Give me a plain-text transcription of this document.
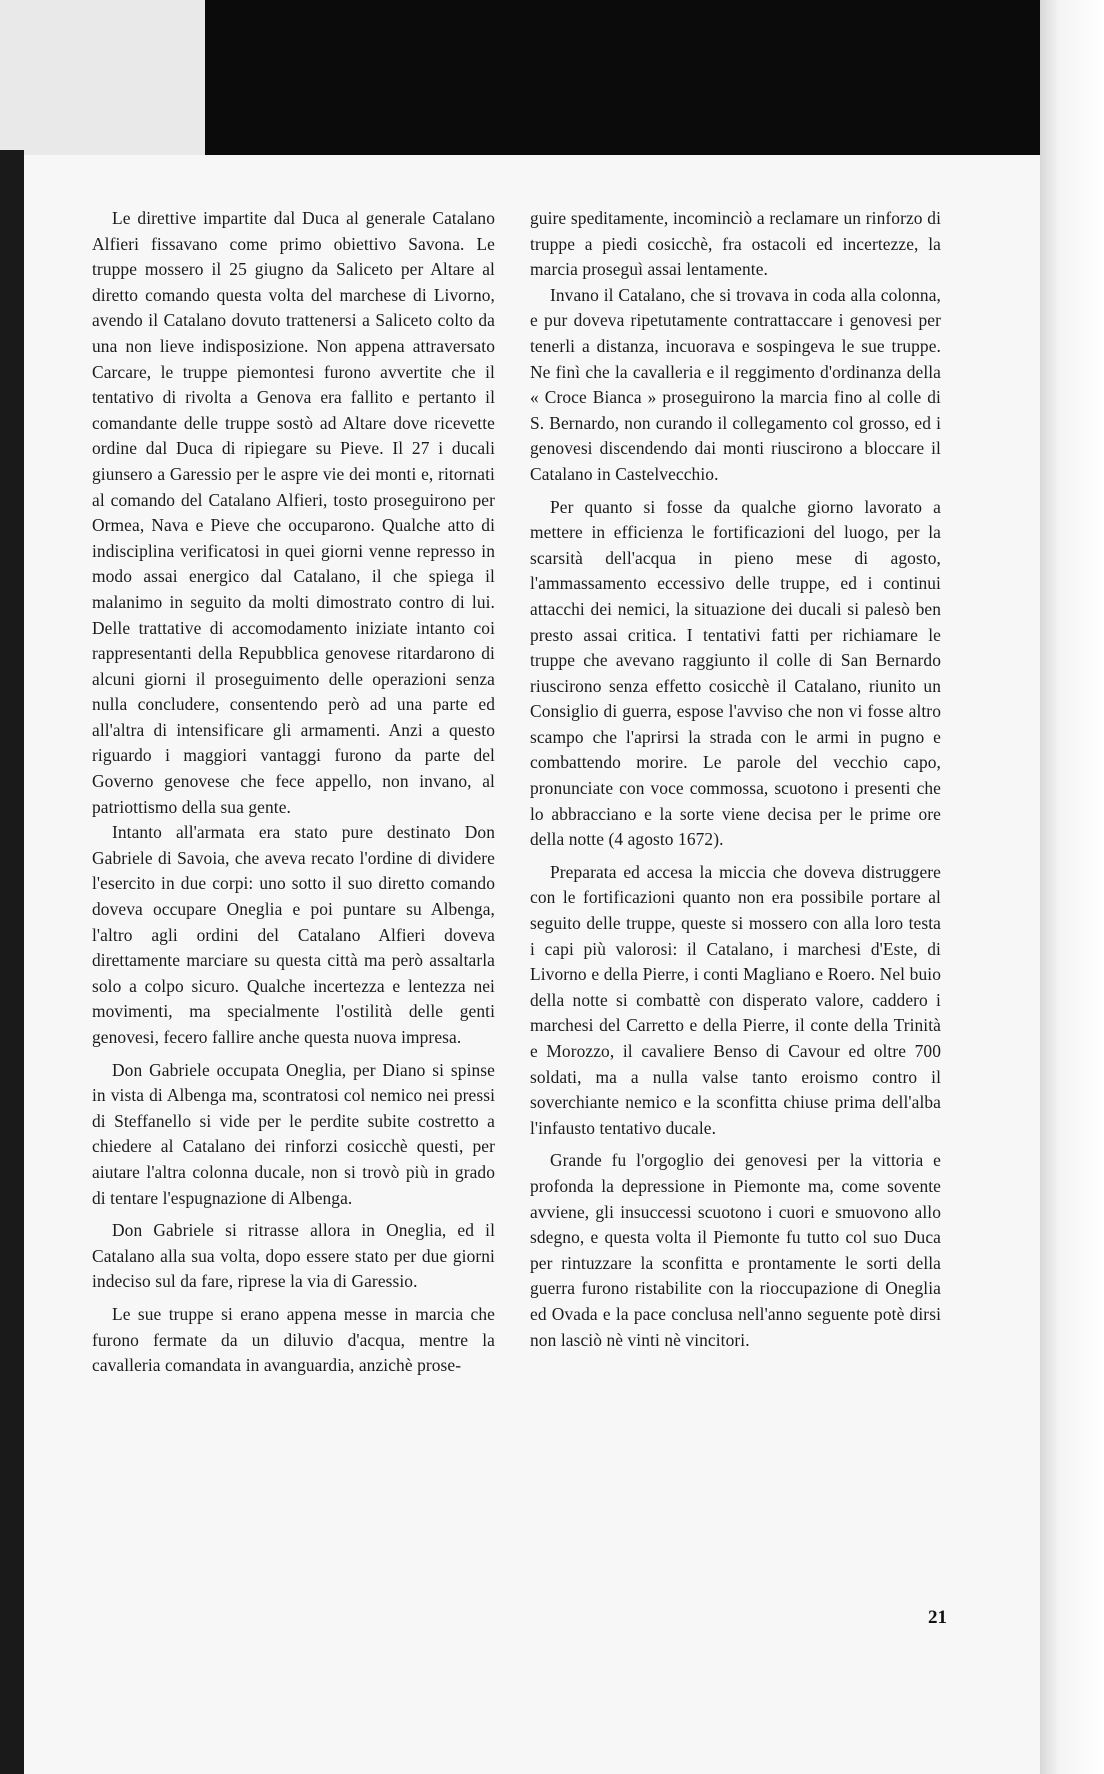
Le direttive impartite dal Duca al generale Catalano Alfieri fissavano come primo obiettivo Savona. Le truppe mossero il 25 giugno da Saliceto per Altare al diretto comando questa volta del marchese di Livorno, avendo il Catalano dovuto trattenersi a Saliceto colto da una non lieve indisposizione. Non appena attraversato Carcare, le truppe piemontesi furono avvertite che il tentativo di rivolta a Genova era fallito e pertanto il comandante delle truppe sostò ad Altare dove ricevette ordine dal Duca di ripiegare su Pieve. Il 27 i ducali giunsero a Garessio per le aspre vie dei monti e, ritornati al comando del Catalano Alfieri, tosto proseguirono per Ormea, Nava e Pieve che occuparono. Qualche atto di indisciplina verificatosi in quei giorni venne represso in modo assai energico dal Catalano, il che spiega il malanimo in seguito da molti dimostrato contro di lui. Delle trattative di accomodamento iniziate intanto coi rappresentanti della Repubblica genovese ritardarono di alcuni giorni il proseguimento delle operazioni senza nulla concludere, consentendo però ad una parte ed all'altra di intensificare gli armamenti. Anzi a questo riguardo i maggiori vantaggi furono da parte del Governo genovese che fece appello, non invano, al patriottismo della sua gente.

Intanto all'armata era stato pure destinato Don Gabriele di Savoia, che aveva recato l'ordine di dividere l'esercito in due corpi: uno sotto il suo diretto comando doveva occupare Oneglia e poi puntare su Albenga, l'altro agli ordini del Catalano Alfieri doveva direttamente marciare su questa città ma però assaltarla solo a colpo sicuro. Qualche incertezza e lentezza nei movimenti, ma specialmente l'ostilità delle genti genovesi, fecero fallire anche questa nuova impresa.

Don Gabriele occupata Oneglia, per Diano si spinse in vista di Albenga ma, scontratosi col nemico nei pressi di Steffanello si vide per le perdite subite costretto a chiedere al Catalano dei rinforzi cosicchè questi, per aiutare l'altra colonna ducale, non si trovò più in grado di tentare l'espugnazione di Albenga.

Don Gabriele si ritrasse allora in Oneglia, ed il Catalano alla sua volta, dopo essere stato per due giorni indeciso sul da fare, riprese la via di Garessio.

Le sue truppe si erano appena messe in marcia che furono fermate da un diluvio d'acqua, mentre la cavalleria comandata in avanguardia, anzichè prose-

guire speditamente, incominciò a reclamare un rinforzo di truppe a piedi cosicchè, fra ostacoli ed incertezze, la marcia proseguì assai lentamente.

Invano il Catalano, che si trovava in coda alla colonna, e pur doveva ripetutamente contrattaccare i genovesi per tenerli a distanza, incuorava e sospingeva le sue truppe. Ne finì che la cavalleria e il reggimento d'ordinanza della « Croce Bianca » proseguirono la marcia fino al colle di S. Bernardo, non curando il collegamento col grosso, ed i genovesi discendendo dai monti riuscirono a bloccare il Catalano in Castelvecchio.

Per quanto si fosse da qualche giorno lavorato a mettere in efficienza le fortificazioni del luogo, per la scarsità dell'acqua in pieno mese di agosto, l'ammassamento eccessivo delle truppe, ed i continui attacchi dei nemici, la situazione dei ducali si palesò ben presto assai critica. I tentativi fatti per richiamare le truppe che avevano raggiunto il colle di San Bernardo riuscirono senza effetto cosicchè il Catalano, riunito un Consiglio di guerra, espose l'avviso che non vi fosse altro scampo che l'aprirsi la strada con le armi in pugno e combattendo morire. Le parole del vecchio capo, pronunciate con voce commossa, scuotono i presenti che lo abbracciano e la sorte viene decisa per le prime ore della notte (4 agosto 1672).

Preparata ed accesa la miccia che doveva distruggere con le fortificazioni quanto non era possibile portare al seguito delle truppe, queste si mossero con alla loro testa i capi più valorosi: il Catalano, i marchesi d'Este, di Livorno e della Pierre, i conti Magliano e Roero. Nel buio della notte si combattè con disperato valore, caddero i marchesi del Carretto e della Pierre, il conte della Trinità e Morozzo, il cavaliere Benso di Cavour ed oltre 700 soldati, ma a nulla valse tanto eroismo contro il soverchiante nemico e la sconfitta chiuse prima dell'alba l'infausto tentativo ducale.

Grande fu l'orgoglio dei genovesi per la vittoria e profonda la depressione in Piemonte ma, come sovente avviene, gli insuccessi scuotono i cuori e smuovono allo sdegno, e questa volta il Piemonte fu tutto col suo Duca per rintuzzare la sconfitta e prontamente le sorti della guerra furono ristabilite con la rioccupazione di Oneglia ed Ovada e la pace conclusa nell'anno seguente potè dirsi non lasciò nè vinti nè vincitori.

21
